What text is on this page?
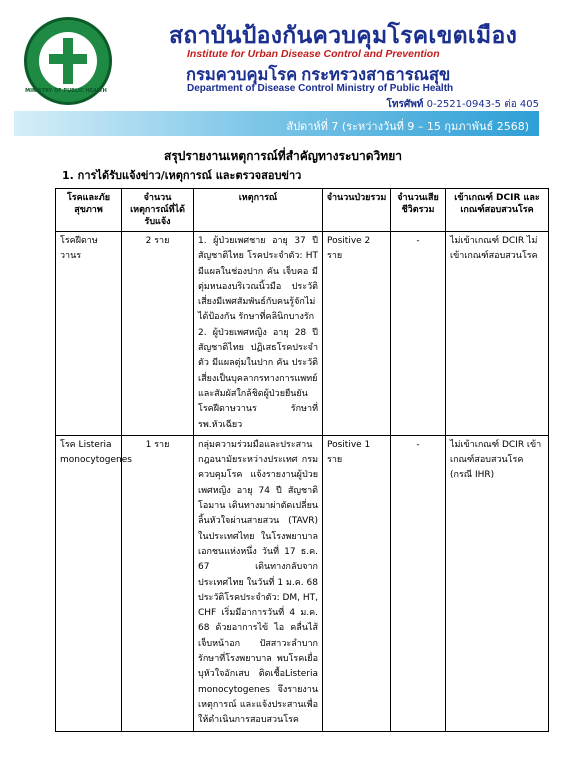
MINISTRY OF PUBLIC HEALTH
สถาบันป้องกันควบคุมโรคเขตเมือง
Institute for Urban Disease Control and Prevention
กรมควบคุมโรค กระทรวงสาธารณสุข
Department of Disease Control Ministry of Public Health
โทรศัพท์ 0-2521-0943-5 ต่อ 405
สัปดาห์ที่ 7 (ระหว่างวันที่ 9 – 15 กุมภาพันธ์ 2568)
สรุปรายงานเหตุการณ์ที่สำคัญทางระบาดวิทยา
1. การได้รับแจ้งข่าว/เหตุการณ์ และตรวจสอบข่าว
โรคและภัยสุขภาพ	จำนวนเหตุการณ์ที่ได้รับแจ้ง	เหตุการณ์	จำนวนป่วยรวม	จำนวนเสียชีวิตรวม	เข้าเกณฑ์ DCIR และเกณฑ์สอบสวนโรค
โรคฝีดาษวานร	2 ราย	1. ผู้ป่วยเพศชาย อายุ 37 ปี สัญชาติไทย โรคประจำตัว: HT มีแผลในช่องปาก คัน เจ็บคอ มีตุ่มหนองบริเวณนิ้วมือ ประวัติเสี่ยงมีเพศสัมพันธ์กับคนรู้จักไม่ได้ป้องกัน รักษาที่คลินิกบางรัก
2. ผู้ป่วยเพศหญิง อายุ 28 ปี สัญชาติไทย ปฏิเสธโรคประจำตัว มีแผลตุ่มในปาก คัน ประวัติเสี่ยงเป็นบุคลากรทางการแพทย์และสัมผัสใกล้ชิดผู้ป่วยยืนยันโรคฝีดาษวานร รักษาที่รพ.หัวเฉียว	Positive 2 ราย	-	ไม่เข้าเกณฑ์ DCIR ไม่เข้าเกณฑ์สอบสวนโรค
โรค Listeria monocytogenes	1 ราย	กลุ่มความร่วมมือและประสานกฎอนามัยระหว่างประเทศ กรมควบคุมโรค แจ้งรายงานผู้ป่วยเพศหญิง อายุ 74 ปี สัญชาติโอมาน เดินทางมาผ่าตัดเปลี่ยนลิ้นหัวใจผ่านสายสวน (TAVR) ในประเทศไทย ในโรงพยาบาลเอกชนแห่งหนึ่ง วันที่ 17 ธ.ค. 67 เดินทางกลับจากประเทศไทย ในวันที่ 1 ม.ค. 68 ประวัติโรคประจำตัว: DM, HT, CHF เริ่มมีอาการวันที่ 4 ม.ค. 68 ด้วยอาการไข้ ไอ คลื่นไส้ เจ็บหน้าอก ปัสสาวะลำบาก รักษาที่โรงพยาบาล พบโรคเยื่อบุหัวใจอักเสบ ติดเชื้อListeria monocytogenes จึงรายงานเหตุการณ์ และแจ้งประสานเพื่อให้ดำเนินการสอบสวนโรค	Positive 1 ราย	-	ไม่เข้าเกณฑ์ DCIR เข้าเกณฑ์สอบสวนโรค (กรณี IHR)
